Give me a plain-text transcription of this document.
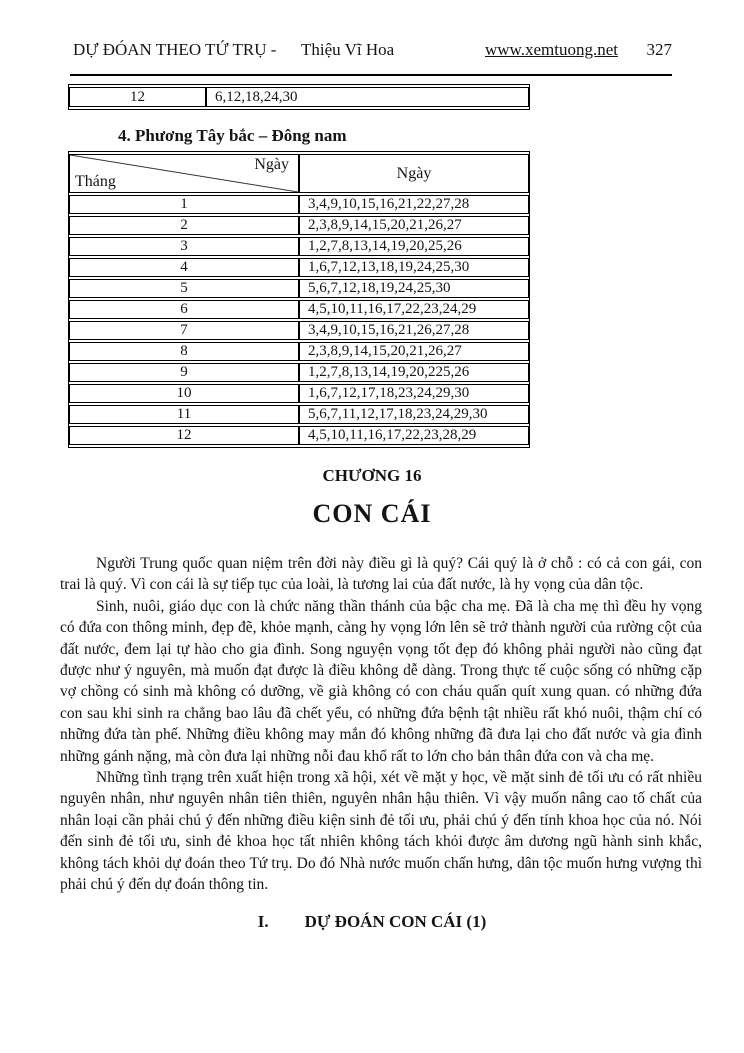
DỰ ĐÓAN THEO TỨ TRỤ - Thiệu Vĩ Hoa	www.xemtuong.net 327
12	6,12,18,24,30
4. Phương Tây bắc – Đông nam
Ngày
Tháng	Ngày
1	3,4,9,10,15,16,21,22,27,28
2	2,3,8,9,14,15,20,21,26,27
3	1,2,7,8,13,14,19,20,25,26
4	1,6,7,12,13,18,19,24,25,30
5	5,6,7,12,18,19,24,25,30
6	4,5,10,11,16,17,22,23,24,29
7	3,4,9,10,15,16,21,26,27,28
8	2,3,8,9,14,15,20,21,26,27
9	1,2,7,8,13,14,19,20,225,26
10	1,6,7,12,17,18,23,24,29,30
11	5,6,7,11,12,17,18,23,24,29,30
12	4,5,10,11,16,17,22,23,28,29
CHƯƠNG 16
CON CÁI

Người Trung quốc quan niệm trên đời này điều gì là quý? Cái quý là ở chỗ : có cả con gái, con trai là quý. Vì con cái là sự tiếp tục của loài, là tương lai của đất nước, là hy vọng của dân tộc.

Sinh, nuôi, giáo dục con là chức năng thần thánh của bậc cha mẹ. Đã là cha mẹ thì đều hy vọng có đứa con thông minh, đẹp đẽ, khỏe mạnh, càng hy vọng lớn lên sẽ trở thành người của rường cột của đất nước, đem lại tự hào cho gia đình. Song nguyện vọng tốt đẹp đó không phải người nào cũng đạt được như ý nguyên, mà muốn đạt được là điều không dễ dàng. Trong thực tế cuộc sống có những cặp vợ chồng có sinh mà không có dưỡng, về già không có con cháu quấn quít xung quan. có những đứa con sau khi sinh ra chẳng bao lâu đã chết yểu, có những đứa bệnh tật nhiều rất khó nuôi, thậm chí có những đứa tàn phế. Những điều không may mắn đó không những đã đưa lại cho đất nước và gia đình những gánh nặng, mà còn đưa lại những nỗi đau khổ rất to lớn cho bản thân đứa con và cha mẹ.

Những tình trạng trên xuất hiện trong xã hội, xét về mặt y học, về mặt sinh đẻ tối ưu có rất nhiều nguyên nhân, như nguyên nhân tiên thiên, nguyên nhân hậu thiên. Vì vậy muốn nâng cao tố chất của nhân loại cần phải chú ý đến những điều kiện sinh đẻ tối ưu, phải chú ý đến tính khoa học của nó. Nói đến sinh đẻ tối ưu, sinh đẻ khoa học tất nhiên không tách khỏi được âm dương ngũ hành sinh khắc, không tách khỏi dự đoán theo Tứ trụ. Do đó Nhà nước muốn chấn hưng, dân tộc muốn hưng vượng thì phải chú ý đến dự đoán thông tin.

I. DỰ ĐOÁN CON CÁI (1)
